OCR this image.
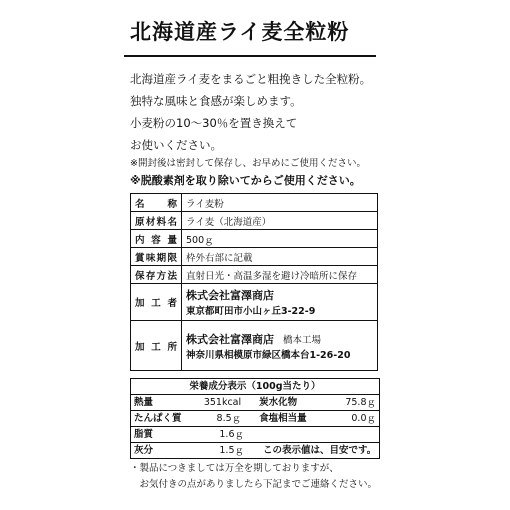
北海道産ライ麦全粒粉
北海道産ライ麦をまるごと粗挽きした全粒粉。
独特な風味と食感が楽しめます。
小麦粉の10～30％を置き換えて
お使いください。
※開封後は密封して保存し、お早めにご使用ください。
※脱酸素剤を取り除いてからご使用ください。
名称	ライ麦粉
原材料名	ライ麦（北海道産）
内容量	500ｇ
賞味期限	枠外右部に記載
保存方法	直射日光・高温多湿を避け冷暗所に保存
加工者	株式会社富澤商店
東京都町田市小山ヶ丘3-22-9

加工所	株式会社富澤商店 橋本工場
神奈川県相模原市緑区橋本台1-26-20
栄養成分表示（100g当たり）
熱量	351kcal	炭水化物	75.8ｇ
たんぱく質	8.5ｇ	食塩相当量	0.0ｇ
脂質	1.6ｇ
灰分	1.5ｇ	この表示値は、目安です。
・製品につきましては万全を期しておりますが、
　お気付きの点がありましたら下記までご連絡ください。
